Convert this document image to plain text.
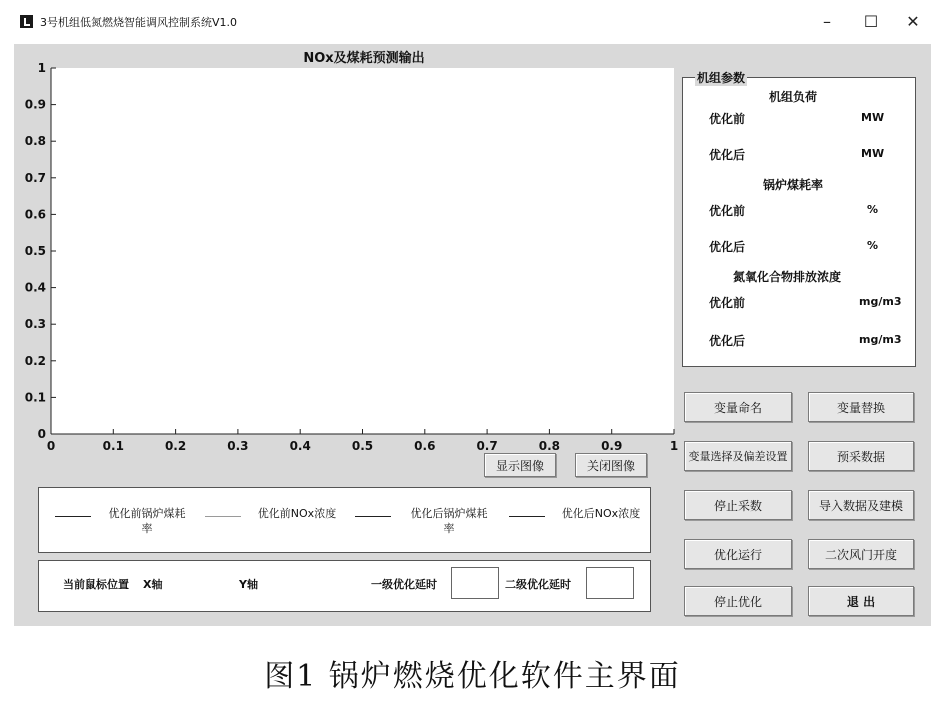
3号机组低氮燃烧智能调风控制系统V1.0	–	☐	✕
0	0.1	0.2	0.3	0.4	0.5	0.6	0.7	0.8	0.9	1
0
0.1
0.2
0.3
0.4
0.5
0.6
0.7
0.8
0.9
1
NOx及煤耗预测输出
显示图像	关闭图像
优化前锅炉煤耗
率
优化前NOx浓度	优化后锅炉煤耗
率
优化后NOx浓度
当前鼠标位置 X轴	Y轴	一级优化延时	二级优化延时
机组参数
机组负荷
优化前	MW
优化后	MW
锅炉煤耗率
优化前	%
优化后	%
氮氧化合物排放浓度
优化前	mg/m3
优化后	mg/m3
变量命名	变量替换
变量选择及偏差设置	预采数据
停止采数	导入数据及建模
优化运行	二次风门开度
停止优化	退 出
图1 锅炉燃烧优化软件主界面
